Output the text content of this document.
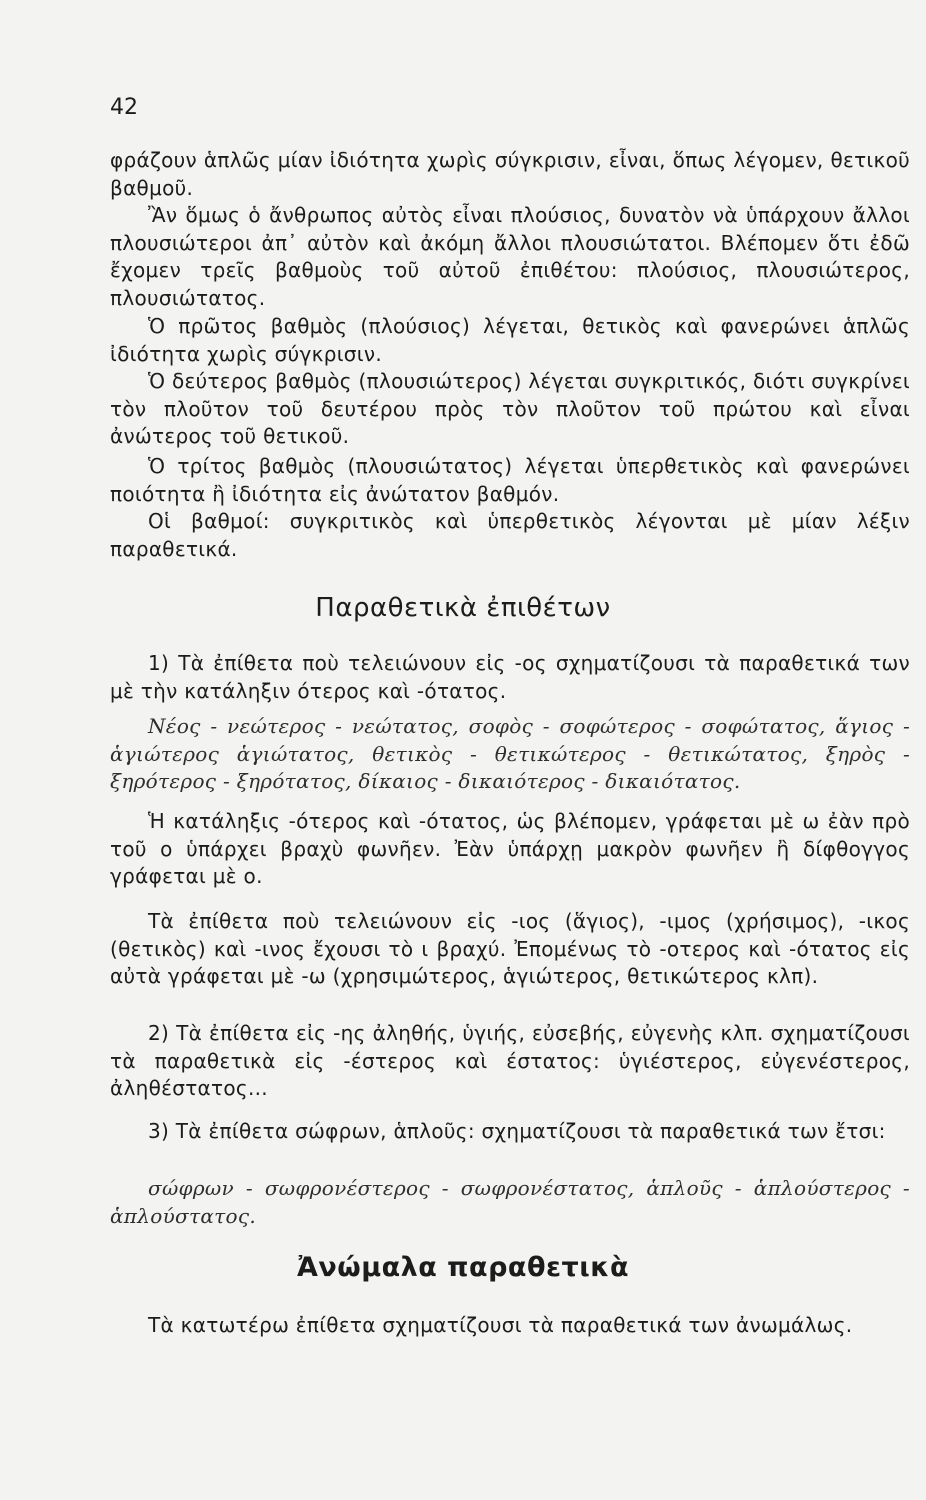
42

φράζουν ἁπλῶς μίαν ἰδιότητα χωρὶς σύγκρισιν, εἶναι, ὅπως λέγομεν, θετικοῦ βαθμοῦ.

Ἂν ὅμως ὁ ἄνθρωπος αὐτὸς εἶναι πλούσιος, δυνατὸν νὰ ὑπάρχουν ἄλλοι πλουσιώτεροι ἀπ᾽ αὐτὸν καὶ ἀκόμη ἄλλοι πλουσιώτατοι. Βλέπομεν ὅτι ἐδῶ ἔχομεν τρεῖς βαθμοὺς τοῦ αὐτοῦ ἐπιθέτου: πλούσιος, πλουσιώτερος, πλουσιώτατος.

Ὁ πρῶτος βαθμὸς (πλούσιος) λέγεται, θετικὸς καὶ φανερώνει ἁπλῶς ἰδιότητα χωρὶς σύγκρισιν.

Ὁ δεύτερος βαθμὸς (πλουσιώτερος) λέγεται συγκριτικός, διότι συγκρίνει τὸν πλοῦτον τοῦ δευτέρου πρὸς τὸν πλοῦτον τοῦ πρώτου καὶ εἶναι ἀνώτερος τοῦ θετικοῦ.

Ὁ τρίτος βαθμὸς (πλουσιώτατος) λέγεται ὑπερθετικὸς καὶ φανερώνει ποιότητα ἢ ἰδιότητα εἰς ἀνώτατον βαθμόν.

Οἱ βαθμοί: συγκριτικὸς καὶ ὑπερθετικὸς λέγονται μὲ μίαν λέξιν παραθετικά.

Παραθετικὰ ἐπιθέτων

1) Τὰ ἐπίθετα ποὺ τελειώνουν εἰς -ος σχηματίζουσι τὰ παραθετικά των μὲ τὴν κατάληξιν ότερος καὶ -ότατος.

Νέος - νεώτερος - νεώτατος, σοφὸς - σοφώτερος - σοφώτατος, ἅγιος - ἁγιώτερος ἁγιώτατος, θετικὸς - θετικώτερος - θετικώτατος, ξηρὸς - ξηρότερος - ξηρότατος, δίκαιος - δικαιότερος - δικαιότατος.

Ἡ κατάληξις -ότερος καὶ -ότατος, ὡς βλέπομεν, γράφεται μὲ ω ἐὰν πρὸ τοῦ ο ὑπάρχει βραχὺ φωνῆεν. Ἐὰν ὑπάρχῃ μακρὸν φωνῆεν ἢ δίφθογγος γράφεται μὲ ο.

Τὰ ἐπίθετα ποὺ τελειώνουν εἰς -ιος (ἅγιος), -ιμος (χρήσιμος), -ικος (θετικὸς) καὶ -ινος ἔχουσι τὸ ι βραχύ. Ἐπομένως τὸ -οτερος καὶ -ότατος εἰς αὐτὰ γράφεται μὲ -ω (χρησιμώτερος, ἁγιώτερος, θετικώτερος κλπ).

2) Τὰ ἐπίθετα εἰς -ης ἀληθής, ὑγιής, εὐσεβής, εὐγενὴς κλπ. σχηματίζουσι τὰ παραθετικὰ εἰς -έστερος καὶ έστατος: ὑγιέστερος, εὐγενέστερος, ἀληθέστατος...

3) Τὰ ἐπίθετα σώφρων, ἁπλοῦς: σχηματίζουσι τὰ παραθετικά των ἔτσι:

σώφρων - σωφρονέστερος - σωφρονέστατος, ἁπλοῦς - ἁπλούστερος - ἁπλούστατος.

Ἀνώμαλα παραθετικὰ

Τὰ κατωτέρω ἐπίθετα σχηματίζουσι τὰ παραθετικά των ἀνωμάλως.
